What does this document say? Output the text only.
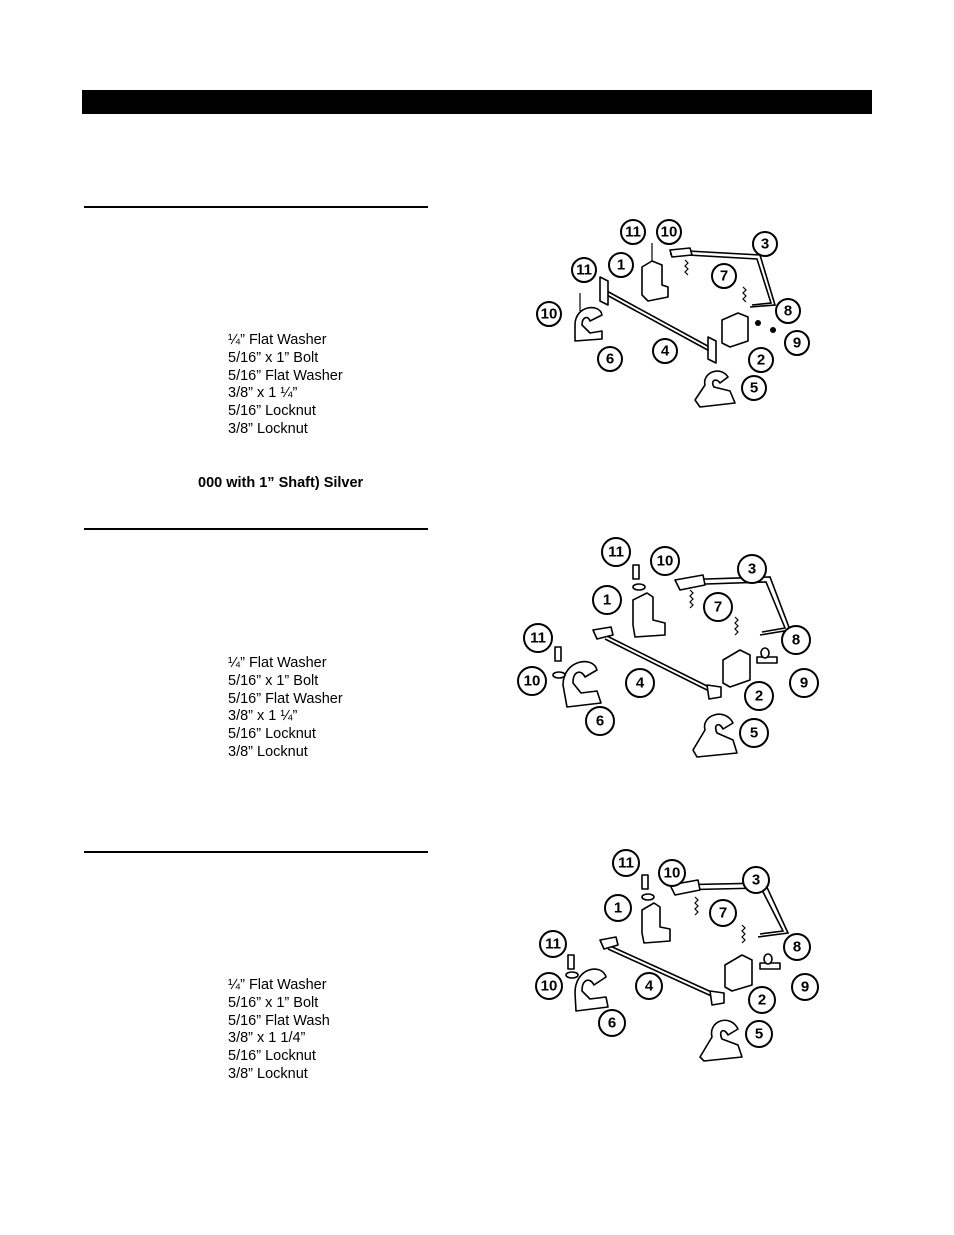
¼” Flat Washer
5/16” x 1” Bolt
5/16” Flat Washer
3/8” x 1 ¼”
5/16” Locknut
3/8” Locknut
000 with 1” Shaft) Silver
11 10
3
1
7
11
8
10
9
4
6	2
5
¼” Flat Washer
5/16” x 1” Bolt
5/16” Flat Washer
3/8” x 1 ¼”
5/16” Locknut
3/8” Locknut
11
10	3
1	7
11	8
10	4	9
2
6
5
¼” Flat Washer
5/16” x 1” Bolt
5/16” Flat Wash
3/8” x 1 1/4”
5/16” Locknut
3/8” Locknut
11
10	3
1	7
11	8
10	4	9
2
6
5
